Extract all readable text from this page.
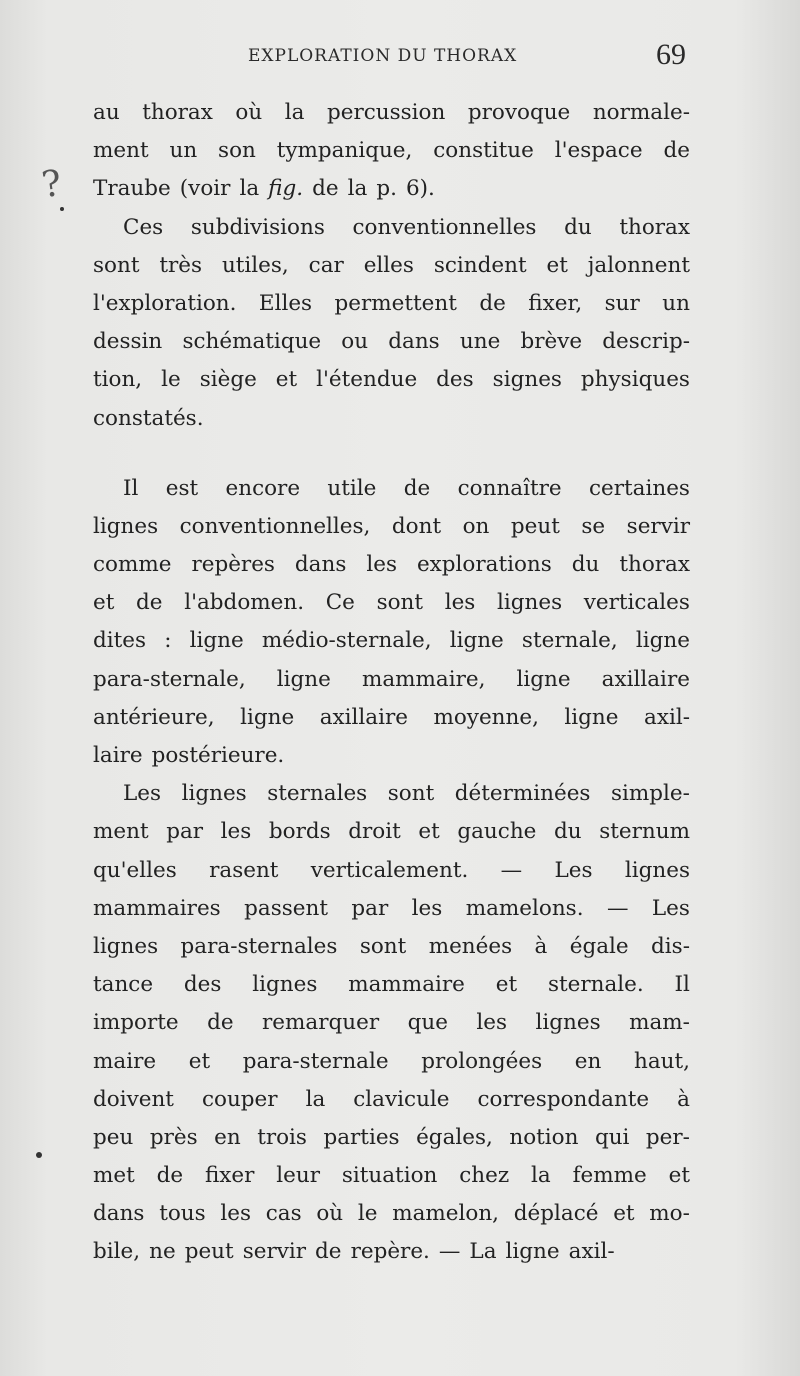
EXPLORATION DU THORAX	69
?
au thorax où la percussion provoque normale-
ment un son tympanique, constitue l'espace de
Traube (voir la fig. de la p. 6).
Ces subdivisions conventionnelles du thorax
sont très utiles, car elles scindent et jalonnent
l'exploration. Elles permettent de fixer, sur un
dessin schématique ou dans une brève descrip-
tion, le siège et l'étendue des signes physiques
constatés.
Il est encore utile de connaître certaines
lignes conventionnelles, dont on peut se servir
comme repères dans les explorations du thorax
et de l'abdomen. Ce sont les lignes verticales
dites : ligne médio-sternale, ligne sternale, ligne
para-sternale, ligne mammaire, ligne axillaire
antérieure, ligne axillaire moyenne, ligne axil-
laire postérieure.
Les lignes sternales sont déterminées simple-
ment par les bords droit et gauche du sternum
qu'elles rasent verticalement. — Les lignes
mammaires passent par les mamelons. — Les
lignes para-sternales sont menées à égale dis-
tance des lignes mammaire et sternale. Il
importe de remarquer que les lignes mam-
maire et para-sternale prolongées en haut,
doivent couper la clavicule correspondante à
peu près en trois parties égales, notion qui per-
met de fixer leur situation chez la femme et
dans tous les cas où le mamelon, déplacé et mo-
bile, ne peut servir de repère. — La ligne axil-
